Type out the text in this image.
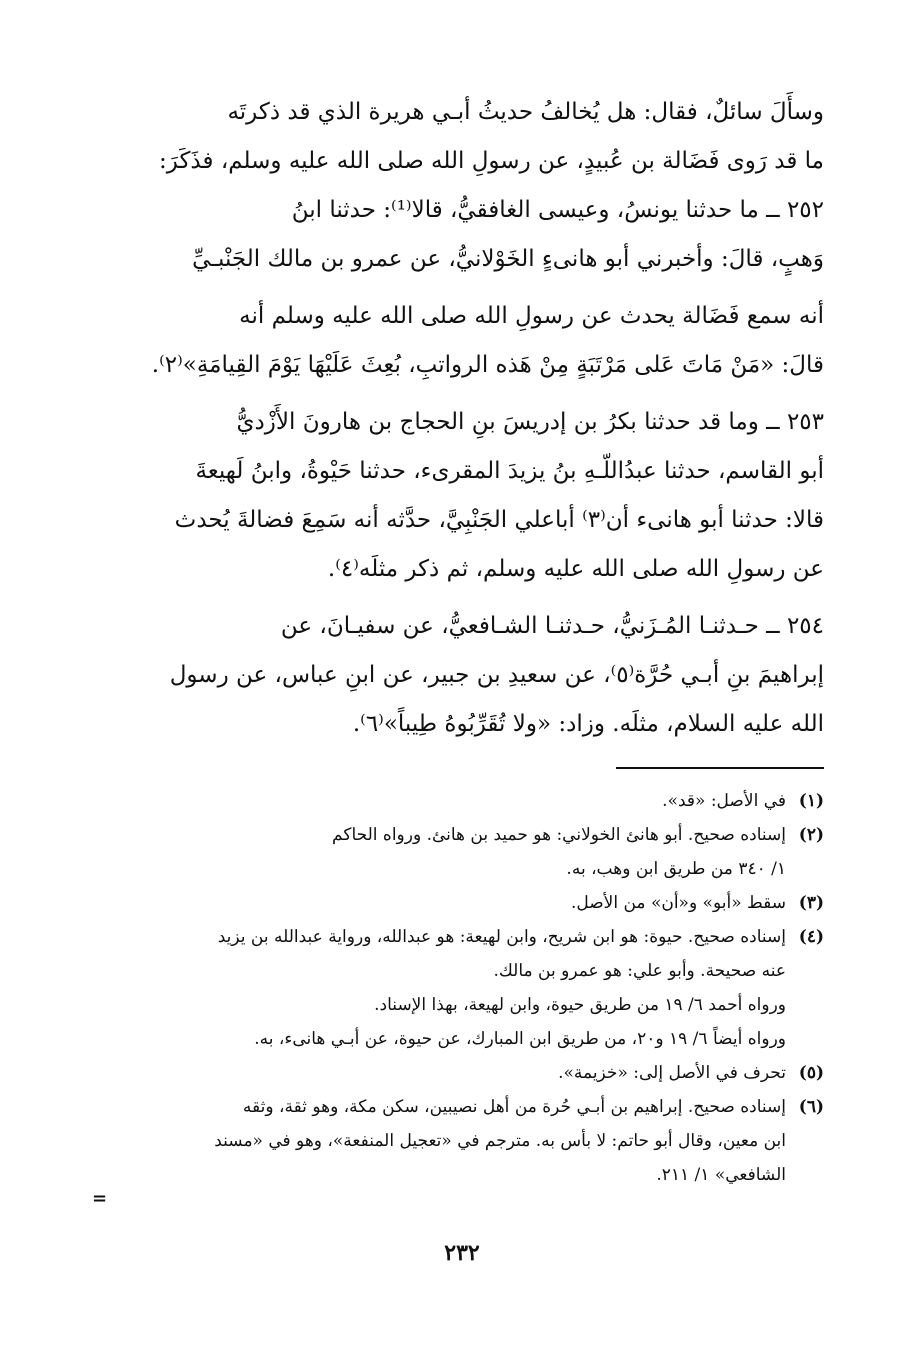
وسأَلَ سائلٌ، فقال: هل يُخالفُ حديثُ أبـي هريرة الذي قد ذكرتَه
ما قد رَوى فَضَالة بن عُبيدٍ، عن رسولِ الله صلى الله عليه وسلم، فذَكَرَ:

٢٥٢ ــ ما حدثنا يونسُ، وعيسى الغافقيُّ، قالا⁽¹⁾: حدثنا ابنُ
وَهبٍ، قالَ: وأخبرني أبو هانىءٍ الخَوْلانيُّ، عن عمرو بن مالك الجَنْبـيِّ

أنه سمع فَضَالة يحدث عن رسولِ الله صلى الله عليه وسلم أنه
قالَ: «مَنْ مَاتَ عَلى مَرْتَبَةٍ مِنْ هَذه الرواتبِ، بُعِثَ عَلَيْهَا يَوْمَ القِيامَةِ»⁽٢⁾.

٢٥٣ ــ وما قد حدثنا بكرُ بن إدريسَ بنِ الحجاج بن هارونَ الأَزْديُّ
أبو القاسم، حدثنا عبدُاللّـهِ بنُ يزيدَ المقرىء، حدثنا حَيْوةُ، وابنُ لَهيعةَ
قالا: حدثنا أبو هانىء أن⁽٣⁾ أباعلي الجَنْبِيَّ، حدَّثه أنه سَمِعَ فضالةَ يُحدث
عن رسولِ الله صلى الله عليه وسلم، ثم ذكر مثلَه⁽٤⁾.

٢٥٤ ــ حـدثنـا المُـزَنيُّ، حـدثنـا الشـافعيُّ، عن سفيـانَ، عن
إبراهيمَ بنِ أبـي حُرَّة⁽٥⁾، عن سعيدِ بن جبير، عن ابنِ عباس، عن رسول
الله عليه السلام، مثلَه. وزاد: «ولا تُقَرِّبُوهُ طِيباً»⁽٦⁾.

(١)
في الأصل: «قد».
(٢)
إسناده صحيح. أبو هانئ الخولاني: هو حميد بن هانئ. ورواه الحاكم
١/ ٣٤٠ من طريق ابن وهب، به.
(٣)
سقط «أبو» و«أن» من الأصل.
(٤)
إسناده صحيح. حيوة: هو ابن شريح، وابن لهيعة: هو عبدالله، ورواية عبدالله بن يزيد
عنه صحيحة. وأبو علي: هو عمرو بن مالك.
ورواه أحمد ٦/ ١٩ من طريق حيوة، وابن لهيعة، بهذا الإسناد.
ورواه أيضاً ٦/ ١٩ و٢٠، من طريق ابن المبارك، عن حيوة، عن أبـي هانىء، به.
(٥)
تحرف في الأصل إلى: «خزيمة».
(٦)
إسناده صحيح. إبراهيم بن أبـي حُرة من أهل نصيبين، سكن مكة، وهو ثقة، وثقه
ابن معين، وقال أبو حاتم: لا بأس به. مترجم في «تعجيل المنفعة»، وهو في «مسند
الشافعي» ١/ ٢١١.
=
٢٣٢
